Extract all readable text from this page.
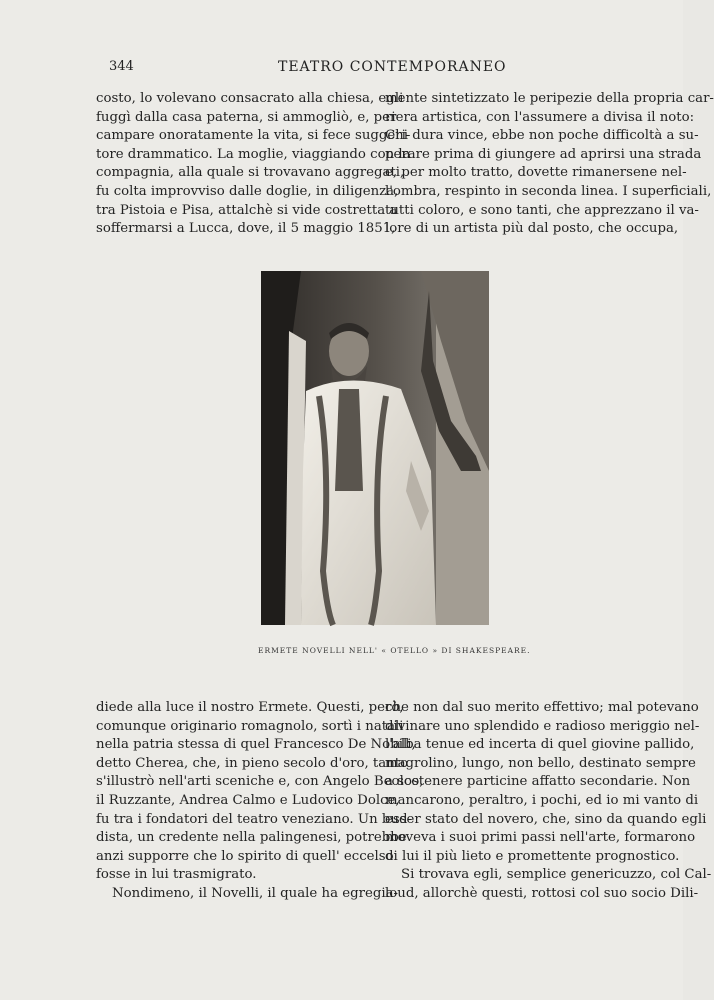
344	TEATRO CONTEMPORANEO
costo, lo volevano consacrato alla chiesa, egli
fuggì dalla casa paterna, si ammogliò, e, per
campare onoratamente la vita, si fece suggeri-
tore drammatico. La moglie, viaggiando con la
compagnia, alla quale si trovavano aggregati,
fu colta improvviso dalle doglie, in diligenza,
tra Pistoia e Pisa, attalchè si vide costretta a
soffermarsi a Lucca, dove, il 5 maggio 1851,
mente sintetizzato le peripezie della propria car-
riera artistica, con l'assumere a divisa il noto:
Chi dura vince, ebbe non poche difficoltà a su-
perare prima di giungere ad aprirsi una strada
e, per molto tratto, dovette rimanersene nel-
l'ombra, respinto in seconda linea. I superficiali,
tutti coloro, e sono tanti, che apprezzano il va-
lore di un artista più dal posto, che occupa,
ERMETE NOVELLI NELL' « OTELLO » DI SHAKESPEARE.
diede alla luce il nostro Ermete. Questi, però,
comunque originario romagnolo, sortì i natali
nella patria stessa di quel Francesco De Nobili,
detto Cherea, che, in pieno secolo d'oro, tanto
s'illustrò nell'arti sceniche e, con Angelo Beolco,
il Ruzzante, Andrea Calmo e Ludovico Dolce,
fu tra i fondatori del teatro veneziano. Un bud-
dista, un credente nella palingenesi, potrebbe
anzi supporre che lo spirito di quell' eccelso
fosse in lui trasmigrato.
Nondimeno, il Novelli, il quale ha egregia-
che non dal suo merito effettivo; mal potevano
divinare uno splendido e radioso meriggio nel-
l'alba tenue ed incerta di quel giovine pallido,
magrolino, lungo, non bello, destinato sempre
a sostenere particine affatto secondarie. Non
mancarono, peraltro, i pochi, ed io mi vanto di
esser stato del novero, che, sino da quando egli
moveva i suoi primi passi nell'arte, formarono
di lui il più lieto e promettente prognostico.
Si trovava egli, semplice genericuzzo, col Cal-
loud, allorchè questi, rottosi col suo socio Dili-
